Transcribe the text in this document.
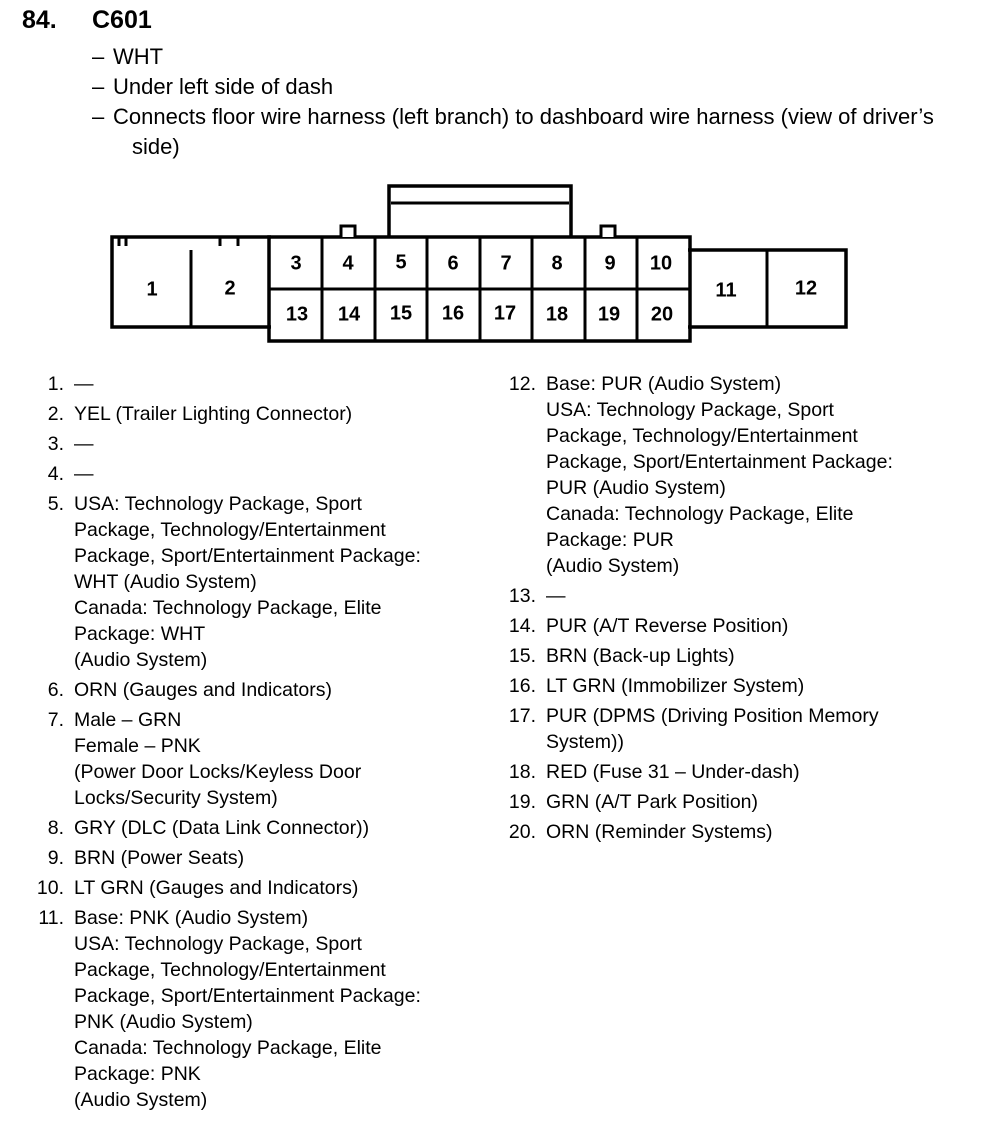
84. C601
– WHT
– Under left side of dash
– Connects floor wire harness (left branch) to dashboard wire harness (view of driver’s side)
1	2
3 4 5 6 7 8 9 10
11	12
13 14 15 16 17 18 19 20
1. —
2. YEL (Trailer Lighting Connector)
3. —
4. —
5. USA: Technology Package, Sport
Package, Technology/Entertainment
Package, Sport/Entertainment Package:
WHT (Audio System)
Canada: Technology Package, Elite
Package: WHT
(Audio System)
6. ORN (Gauges and Indicators)
7. Male – GRN
Female – PNK
(Power Door Locks/Keyless Door
Locks/Security System)
8. GRY (DLC (Data Link Connector))
9. BRN (Power Seats)
10. LT GRN (Gauges and Indicators)
11. Base: PNK (Audio System)
USA: Technology Package, Sport
Package, Technology/Entertainment
Package, Sport/Entertainment Package:
PNK (Audio System)
Canada: Technology Package, Elite
Package: PNK
(Audio System)
12. Base: PUR (Audio System)
USA: Technology Package, Sport
Package, Technology/Entertainment
Package, Sport/Entertainment Package:
PUR (Audio System)
Canada: Technology Package, Elite
Package: PUR
(Audio System)
13. —
14. PUR (A/T Reverse Position)
15. BRN (Back-up Lights)
16. LT GRN (Immobilizer System)
17. PUR (DPMS (Driving Position Memory
System))
18. RED (Fuse 31 – Under-dash)
19. GRN (A/T Park Position)
20. ORN (Reminder Systems)
